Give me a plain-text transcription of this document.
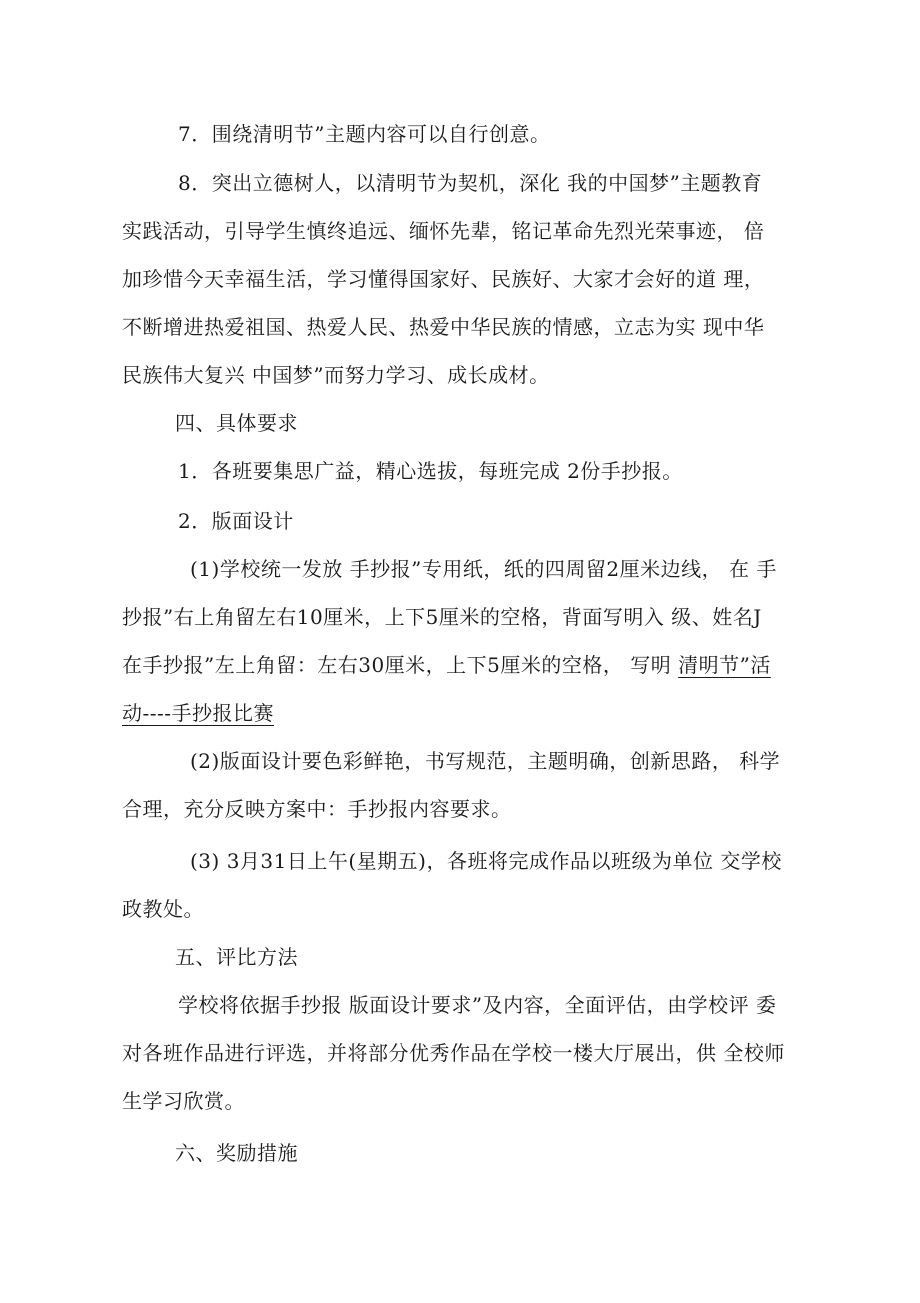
7．围绕清明节”主题内容可以自行创意。
8．突出立德树人，以清明节为契机，深化 我的中国梦”主题教育
实践活动，引导学生慎终追远、缅怀先辈，铭记革命先烈光荣事迹， 倍
加珍惜今天幸福生活，学习懂得国家好、民族好、大家才会好的道 理，
不断增进热爱祖国、热爱人民、热爱中华民族的情感，立志为实 现中华
民族伟大复兴 中国梦”而努力学习、成长成材。
四、具体要求
1．各班要集思广益，精心选拔，每班完成 2份手抄报。
2．版面设计
(1)学校统一发放 手抄报”专用纸，纸的四周留2厘米边线， 在 手
抄报”右上角留左右10厘米，上下5厘米的空格，背面写明入 级、姓名J
在手抄报”左上角留：左右30厘米，上下5厘米的空格， 写明 清明节”活
动----手抄报比赛
(2)版面设计要色彩鲜艳，书写规范，主题明确，创新思路， 科学
合理，充分反映方案中：手抄报内容要求。
(3) 3月31日上午(星期五)，各班将完成作品以班级为单位 交学校
政教处。
五、评比方法
学校将依据手抄报 版面设计要求”及内容，全面评估，由学校评 委
对各班作品进行评选，并将部分优秀作品在学校一楼大厅展出，供 全校师
生学习欣赏。
六、奖励措施
